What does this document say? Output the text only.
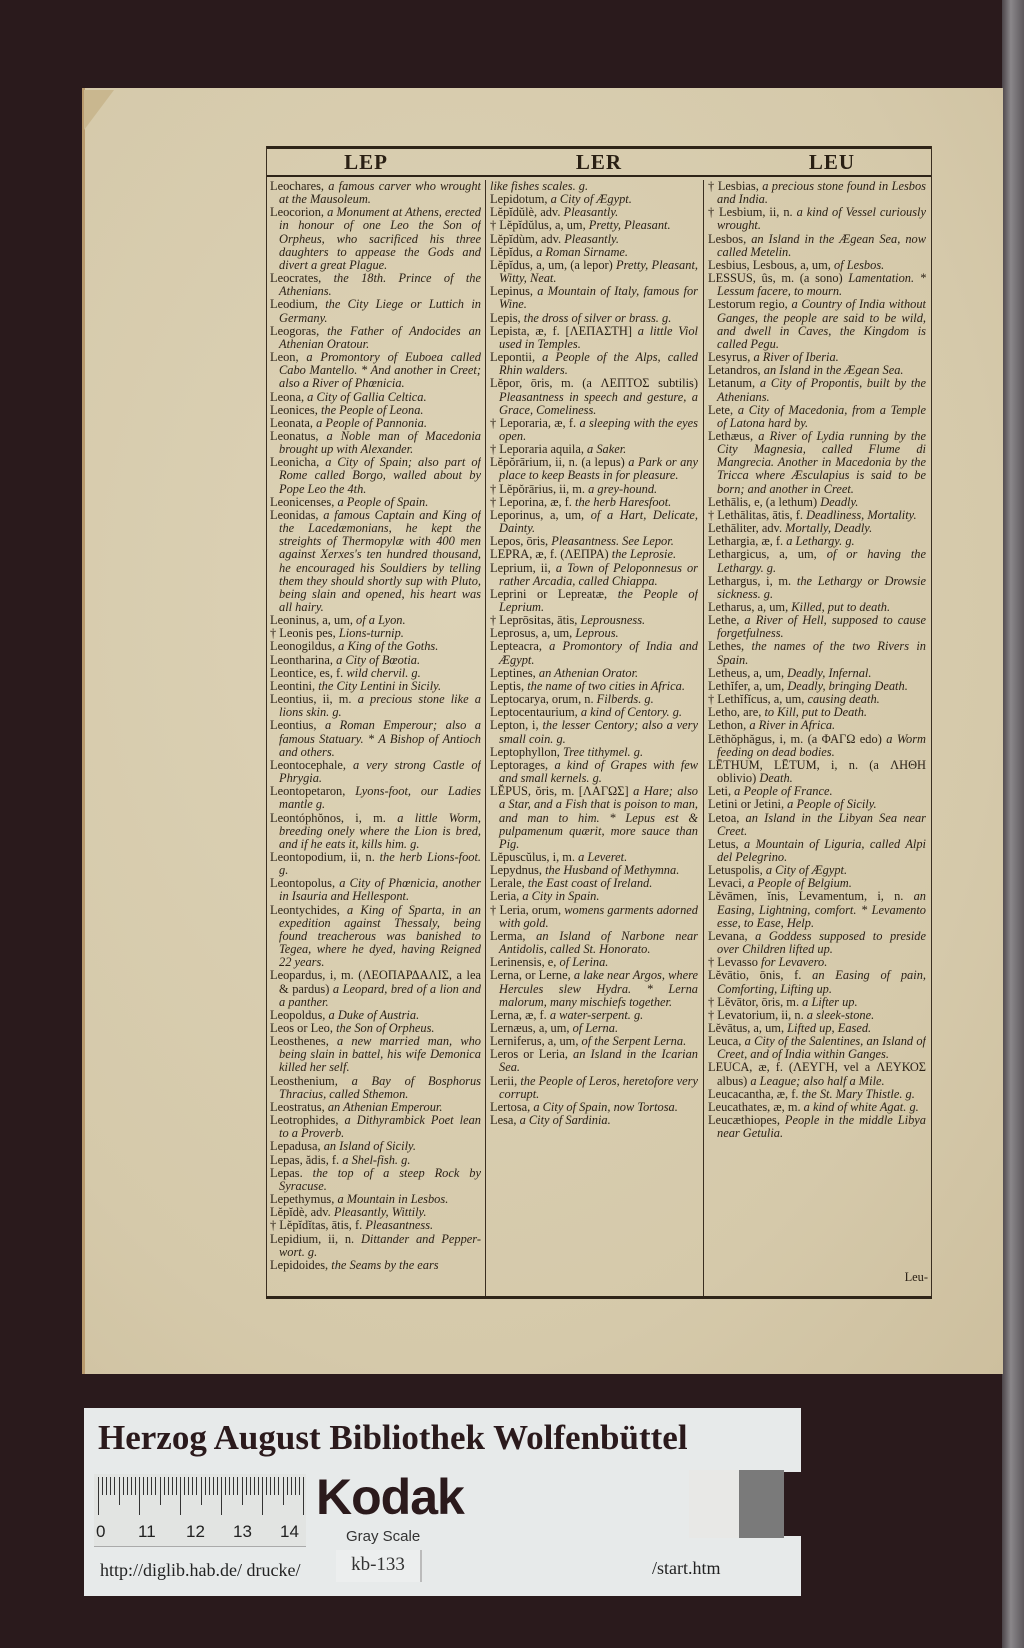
LEP	LER	LEU
Leochares, a famous carver who wrought at the Mausoleum.
Leocorion, a Monument at Athens, erected in honour of one Leo the Son of Orpheus, who sacrificed his three daughters to appease the Gods and divert a great Plague.
Leocrates, the 18th. Prince of the Athenians.
Leodium, the City Liege or Luttich in Germany.
Leogoras, the Father of Andocides an Athenian Oratour.
Leon, a Promontory of Euboea called Cabo Mantello. * And another in Creet; also a River of Phœnicia.
Leona, a City of Gallia Celtica.
Leonices, the People of Leona.
Leonata, a People of Pannonia.
Leonatus, a Noble man of Macedonia brought up with Alexander.
Leonicha, a City of Spain; also part of Rome called Borgo, walled about by Pope Leo the 4th.
Leonicenses, a People of Spain.
Leonidas, a famous Captain and King of the Lacedæmonians, he kept the streights of Thermopylæ with 400 men against Xerxes's ten hundred thousand, he encouraged his Souldiers by telling them they should shortly sup with Pluto, being slain and opened, his heart was all hairy.
Leoninus, a, um, of a Lyon.
† Leonis pes, Lions-turnip.
Leonogildus, a King of the Goths.
Leontharina, a City of Bœotia.
Leontice, es, f. wild chervil. g.
Leontini, the City Lentini in Sicily.
Leontius, ii, m. a precious stone like a lions skin. g.
Leontius, a Roman Emperour; also a famous Statuary. * A Bishop of Antioch and others.
Leontocephale, a very strong Castle of Phrygia.
Leontopetaron, Lyons-foot, our Ladies mantle g.
Leontóphŏnos, i, m. a little Worm, breeding onely where the Lion is bred, and if he eats it, kills him. g.
Leontopodium, ii, n. the herb Lions-foot. g.
Leontopolus, a City of Phœnicia, another in Isauria and Hellespont.
Leontychides, a King of Sparta, in an expedition against Thessaly, being found treacherous was banished to Tegea, where he dyed, having Reigned 22 years.
Leopardus, i, m. (ΛΕΟΠΑΡΔΑΛΙΣ, a lea & pardus) a Leopard, bred of a lion and a panther.
Leopoldus, a Duke of Austria.
Leos or Leo, the Son of Orpheus.
Leosthenes, a new married man, who being slain in battel, his wife Demonica killed her self.
Leosthenium, a Bay of Bosphorus Thracius, called Sthemon.
Leostratus, an Athenian Emperour.
Leotrophides, a Dithyrambick Poet lean to a Proverb.
Lepadusa, an Island of Sicily.
Lepas, ădis, f. a Shel-fish. g.
Lepas. the top of a steep Rock by Syracuse.
Lepethymus, a Mountain in Lesbos.
Lĕpĭdè, adv. Pleasantly, Wittily.
† Lĕpĭdĭtas, ātis, f. Pleasantness.
Lepidium, ii, n. Dittander and Pepper-wort. g.
Lepidoides, the Seams by the ears
like fishes scales. g.
Lepidotum, a City of Ægypt.
Lĕpĭdŭlè, adv. Pleasantly.
† Lĕpĭdŭlus, a, um, Pretty, Pleasant.
Lĕpĭdùm, adv. Pleasantly.
Lĕpĭdus, a Roman Sirname.
Lĕpĭdus, a, um, (a lepor) Pretty, Pleasant, Witty, Neat.
Lepinus, a Mountain of Italy, famous for Wine.
Lepis, the dross of silver or brass. g.
Lepista, æ, f. [ΛΕΠΑΣΤΗ] a little Viol used in Temples.
Lepontii, a People of the Alps, called Rhin walders.
Lĕpor, ōris, m. (a ΛΕΠΤΟΣ subtilis) Pleasantness in speech and gesture, a Grace, Comeliness.
† Leporaria, æ, f. a sleeping with the eyes open.
† Leporaria aquila, a Saker.
Lĕpŏrārium, ii, n. (a lepus) a Park or any place to keep Beasts in for pleasure.
† Lĕpŏrārius, ii, m. a grey-hound.
† Leporina, æ, f. the herb Haresfoot.
Leporinus, a, um, of a Hart, Delicate, Dainty.
Lepos, ōris, Pleasantness. See Lepor.
LEPRA, æ, f. (ΛΕΠΡΑ) the Leprosie.
Leprium, ii, a Town of Peloponnesus or rather Arcadia, called Chiappa.
Leprini or Lepreatæ, the People of Leprium.
† Leprōsitas, ātis, Leprousness.
Leprosus, a, um, Leprous.
Lepteacra, a Promontory of India and Ægypt.
Leptines, an Athenian Orator.
Leptis, the name of two cities in Africa.
Leptocarya, orum, n. Filberds. g.
Leptocentaurium, a kind of Centory. g.
Lepton, i, the lesser Centory; also a very small coin. g.
Leptophyllon, Tree tithymel. g.
Leptorages, a kind of Grapes with few and small kernels. g.
LĔPUS, ŏris, m. [ΛΑΓΩΣ] a Hare; also a Star, and a Fish that is poison to man, and man to him. * Lepus est & pulpamenum quærit, more sauce than Pig.
Lĕpuscŭlus, i, m. a Leveret.
Lepydnus, the Husband of Methymna.
Lerale, the East coast of Ireland.
Leria, a City in Spain.
† Leria, orum, womens garments adorned with gold.
Lerma, an Island of Narbone near Antidolis, called St. Honorato.
Lerinensis, e, of Lerina.
Lerna, or Lerne, a lake near Argos, where Hercules slew Hydra. * Lerna malorum, many mischiefs together.
Lerna, æ, f. a water-serpent. g.
Lernæus, a, um, of Lerna.
Lerniferus, a, um, of the Serpent Lerna.
Leros or Leria, an Island in the Icarian Sea.
Lerii, the People of Leros, heretofore very corrupt.
Lertosa, a City of Spain, now Tortosa.
Lesa, a City of Sardinia.
† Lesbias, a precious stone found in Lesbos and India.
† Lesbium, ii, n. a kind of Vessel curiously wrought.
Lesbos, an Island in the Ægean Sea, now called Metelin.
Lesbius, Lesbous, a, um, of Lesbos.
LESSUS, ûs, m. (a sono) Lamentation. * Lessum facere, to mourn.
Lestorum regio, a Country of India without Ganges, the people are said to be wild, and dwell in Caves, the Kingdom is called Pegu.
Lesyrus, a River of Iberia.
Letandros, an Island in the Ægean Sea.
Letanum, a City of Propontis, built by the Athenians.
Lete, a City of Macedonia, from a Temple of Latona hard by.
Lethæus, a River of Lydia running by the City Magnesia, called Flume di Mangrecia. Another in Macedonia by the Tricca where Æsculapius is said to be born; and another in Creet.
Lethālis, e, (a lethum) Deadly.
† Lethālitas, ātis, f. Deadliness, Mortality.
Lethāliter, adv. Mortally, Deadly.
Lethargia, æ, f. a Lethargy. g.
Lethargicus, a, um, of or having the Lethargy. g.
Lethargus, i, m. the Lethargy or Drowsie sickness. g.
Letharus, a, um, Killed, put to death.
Lethe, a River of Hell, supposed to cause forgetfulness.
Lethes, the names of the two Rivers in Spain.
Letheus, a, um, Deadly, Infernal.
Lethĭfer, a, um, Deadly, bringing Death.
† Lethĭfĭcus, a, um, causing death.
Letho, are, to Kill, put to Death.
Lethon, a River in Africa.
Lēthŏphăgus, i, m. (a ΦΑΓΩ edo) a Worm feeding on dead bodies.
LĒTHUM, LĒTUM, i, n. (a ΛΗΘΗ oblivio) Death.
Leti, a People of France.
Letini or Jetini, a People of Sicily.
Letoa, an Island in the Libyan Sea near Creet.
Letus, a Mountain of Liguria, called Alpi del Pelegrino.
Letuspolis, a City of Ægypt.
Levaci, a People of Belgium.
Lĕvāmen, ĭnis, Levamentum, i, n. an Easing, Lightning, comfort. * Levamento esse, to Ease, Help.
Levana, a Goddess supposed to preside over Children lifted up.
† Levasso for Levavero.
Lĕvātio, ōnis, f. an Easing of pain, Comforting, Lifting up.
† Lĕvātor, ōris, m. a Lifter up.
† Levatorium, ii, n. a sleek-stone.
Lĕvātus, a, um, Lifted up, Eased.
Leuca, a City of the Salentines, an Island of Creet, and of India within Ganges.
LEUCA, æ, f. (ΛΕΥΓΗ, vel a ΛΕΥΚΟΣ albus) a League; also half a Mile.
Leucacantha, æ, f. the St. Mary Thistle. g.
Leucathates, æ, m. a kind of white Agat. g.
Leucæthiopes, People in the middle Libya near Getulia.
Leu-
Herzog August Bibliothek Wolfenbüttel
0 11 12 13 14
Kodak
Gray Scale
kb-133
http://diglib.hab.de/ drucke/	/start.htm
